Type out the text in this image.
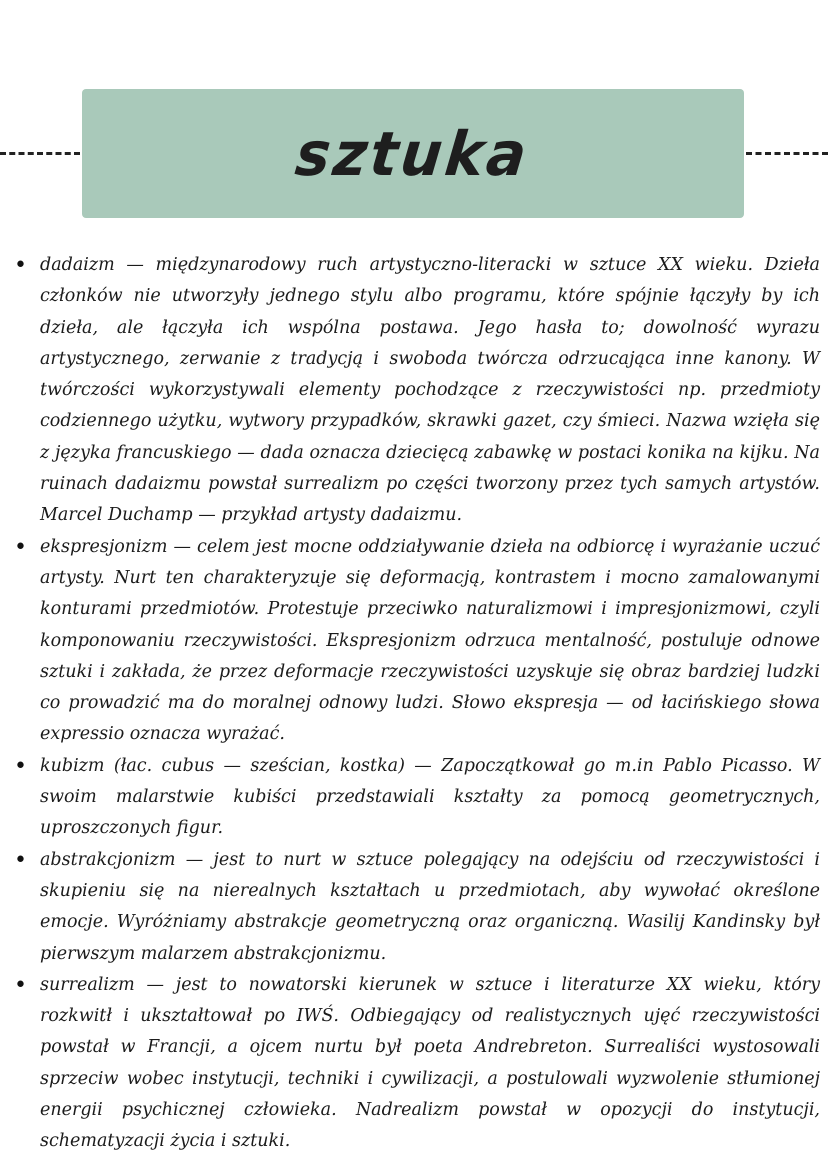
sztuka

• dadaizm — międzynarodowy ruch artystyczno-literacki w sztuce XX wieku. Dzieła członków nie utworzyły jednego stylu albo programu, które spójnie łączyły by ich dzieła, ale łączyła ich wspólna postawa. Jego hasła to; dowolność wyrazu artystycznego, zerwanie z tradycją i swoboda twórcza odrzucająca inne kanony. W twórczości wykorzystywali elementy pochodzące z rzeczywistości np. przedmioty codziennego użytku, wytwory przypadków, skrawki gazet, czy śmieci. Nazwa wzięła się z języka francuskiego — dada oznacza dziecięcą zabawkę w postaci konika na kijku. Na ruinach dadaizmu powstał surrealizm po części tworzony przez tych samych artystów. Marcel Duchamp — przykład artysty dadaizmu.

• ekspresjonizm — celem jest mocne oddziaływanie dzieła na odbiorcę i wyrażanie uczuć artysty. Nurt ten charakteryzuje się deformacją, kontrastem i mocno zamalowanymi konturami przedmiotów. Protestuje przeciwko naturalizmowi i impresjonizmowi, czyli komponowaniu rzeczywistości. Ekspresjonizm odrzuca mentalność, postuluje odnowe sztuki i zakłada, że przez deformacje rzeczywistości uzyskuje się obraz bardziej ludzki co prowadzić ma do moralnej odnowy ludzi. Słowo ekspresja — od łacińskiego słowa expressio oznacza wyrażać.

• kubizm (łac. cubus — sześcian, kostka) — Zapoczątkował go m.in Pablo Picasso. W swoim malarstwie kubiści przedstawiali kształty za pomocą geometrycznych, uproszczonych figur.

• abstrakcjonizm — jest to nurt w sztuce polegający na odejściu od rzeczywistości i skupieniu się na nierealnych kształtach u przedmiotach, aby wywołać określone emocje. Wyróżniamy abstrakcje geometryczną oraz organiczną. Wasilij Kandinsky był pierwszym malarzem abstrakcjonizmu.

• surrealizm — jest to nowatorski kierunek w sztuce i literaturze XX wieku, który rozkwitł i ukształtował po IWŚ. Odbiegający od realistycznych ujęć rzeczywistości powstał w Francji, a ojcem nurtu był poeta Andrebreton. Surrealiści wystosowali sprzeciw wobec instytucji, techniki i cywilizacji, a postulowali wyzwolenie stłumionej energii psychicznej człowieka. Nadrealizm powstał w opozycji do instytucji, schematyzacji życia i sztuki.
